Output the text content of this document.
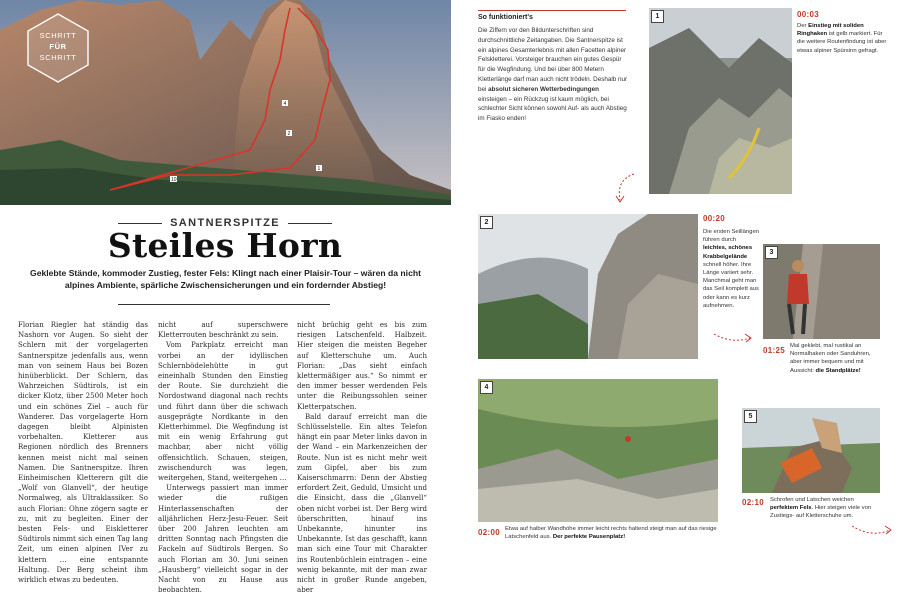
2
4
10
1
SCHRITT
FÜR
SCHRITT
SANTNERSPITZE
Steiles Horn
Geklebte Stände, kommoder Zustieg, fester Fels: Klingt nach einer Plaisir-Tour – wären da nicht alpines Ambiente, spärliche Zwischensicherungen und ein fordernder Abstieg!

Florian Riegler hat ständig das Nashorn vor Augen. So sieht der Schlern mit der vorgelagerten Santnerspitze jedenfalls aus, wenn man von seinem Haus bei Bozen hinüberblickt. Der Schlern, das Wahrzeichen Südtirols, ist ein dicker Klotz, über 2500 Meter hoch und ein schönes Ziel – auch für Wanderer. Das vorgelagerte Horn dagegen bleibt Alpinisten vorbehalten. Kletterer aus Regionen nördlich des Brenners kennen meist nicht mal seinen Namen. Die Santnerspitze. Ihren Einheimischen Kletterern gilt die „Wolf von Glanvell“, der heutige Normalweg, als Ultraklassiker. So auch Florian: Ohne zögern sagte er zu, mit zu begleiten. Einer der besten Fels- und Eiskletterer Südtirols nimmt sich einen Tag lang Zeit, um einen alpinen IVer zu klettern … eine entspannte Haltung. Der Berg scheint ihm wirklich etwas zu bedeuten.

nicht auf superschwere Kletterrouten beschränkt zu sein.

Vom Parkplatz erreicht man vorbei an der idyllischen Schlernbödelehütte in gut eineinhalb Stunden den Einstieg der Route. Sie durchzieht die Nordostwand diagonal nach rechts und führt dann über die schwach ausgeprägte Nordkante in den Kletterhimmel. Die Wegfindung ist mit ein wenig Erfahrung gut machbar, aber nicht völlig offensichtlich. Schauen, steigen, zwischendurch was legen, weitergehen, Stand, weitergehen …

Unterwegs passiert man immer wieder die rußigen Hinterlassenschaften der alljährlichen Herz-Jesu-Feuer. Seit über 200 Jahren leuchten am dritten Sonntag nach Pfingsten die Fackeln auf Südtirols Bergen. So auch Florian am 30. Juni seinen „Hausberg“ vielleicht sogar in der Nacht von zu Hause aus beobachten.

nicht brüchig geht es bis zum riesigen Latschenfeld. Halbzeit. Hier steigen die meisten Begeher auf Kletterschuhe um. Auch Florian: „Das sieht einfach klettermäßiger aus.“ So nimmt er den immer besser werdenden Fels unter die Reibungssohlen seiner Kletterpatschen.

Bald darauf erreicht man die Schlüsselstelle. Ein altes Telefon hängt ein paar Meter links davon in der Wand – ein Markenzeichen der Route. Nun ist es nicht mehr weit zum Gipfel, aber bis zum Kaiserschmarrn: Denn der Abstieg erfordert Zeit, Geduld, Umsicht und die Einsicht, dass die „Glanvell“ oben nicht vorbei ist. Der Berg wird überschritten, hinauf ins Unbekannte, hinunter ins Unbekannte. Ist das geschafft, kann man sich eine Tour mit Charakter ins Routenbüchlein eintragen – eine wenig bekannte, mit der man zwar nicht in großer Runde angeben, aber

So funktioniert's
Die Ziffern vor den Bildunterschriften sind durchschnittliche Zeitangaben. Die Santnerspitze ist ein alpines Gesamterlebnis mit allen Facetten alpiner Felskletterei. Vorsteiger brauchen ein gutes Gespür für die Wegfindung. Und bei über 800 Metern Kletterlänge darf man auch nicht trödeln. Deshalb nur bei absolut sicheren Wetterbedingungen einsteigen – ein Rückzug ist kaum möglich, bei schlechter Sicht können sowohl Auf- als auch Abstieg im Fiasko enden!
1	00:03
Der Einstieg mit soliden Ringhaken ist gelb markiert. Für die weitere Routenfindung ist aber etwas alpiner Spürsinn gefragt.
2	00:20
Die ersten Seillängen führen durch leichtes, schönes Krabbelgelände schnell höher. Ihre Länge variiert sehr. Manchmal geht man das Seil komplett aus oder kann es kurz aufnehmen.
3
01:25 Mal geklebt, mal rustikal an Normalhaken oder Sanduhren, aber immer bequem und mit Aussicht: die Standplätze!
4
02:00 Etwa auf halber Wandhöhe immer leicht rechts haltend steigt man auf das riesige Latschenfeld aus. Der perfekte Pausenplatz!
5
02:10 Schrofen und Latschen weichen perfektem Fels. Hier steigen viele von Zustiegs- auf Kletterschuhe um.
